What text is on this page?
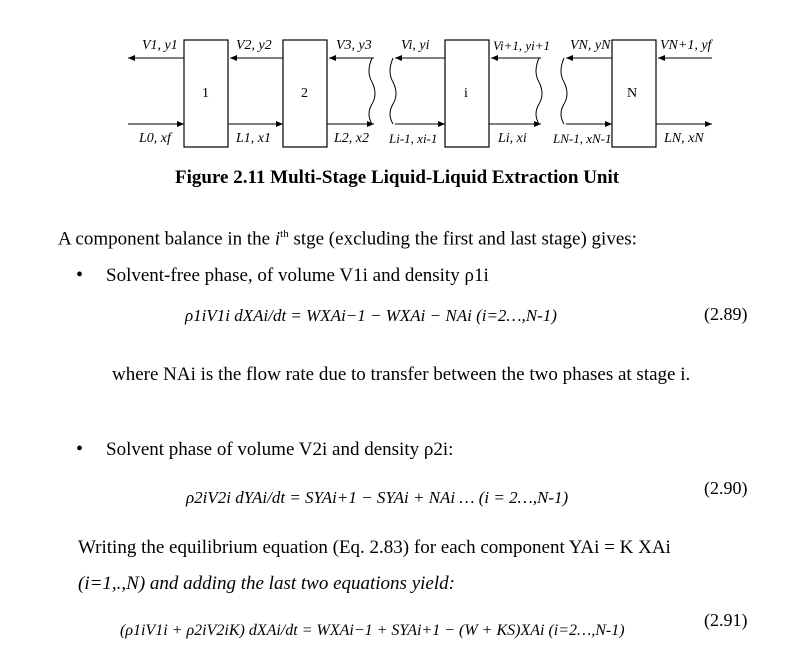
1	2	i	N
V1, y1	V2, y2	V3, y3 Vi, yi	Vi+1, yi+1 VN, yN	VN+1, yf
L0, xf	L1, x1	L2, x2 Li-1, xi-1	Li, xi LN-1, xN-1	LN, xN
Figure 2.11 Multi-Stage Liquid-Liquid Extraction Unit
A component balance in the $i^{th}$ stge (excluding the first and last stage) gives:
• Solvent-free phase, of volume V1i and density ρ1i
ρ1iV1i dXAi/dt = WXAi−1 − WXAi − NAi (i=2…,N-1)	(2.89)
where NAi is the flow rate due to transfer between the two phases at stage i.
• Solvent phase of volume V2i and density ρ2i:
ρ2iV2i dYAi/dt = SYAi+1 − SYAi + NAi … (i = 2…,N-1)	(2.90)
Writing the equilibrium equation (Eq. 2.83) for each component YAi = K XAi
(i=1,.,N) and adding the last two equations yield:
(ρ1iV1i + ρ2iV2iK) dXAi/dt = WXAi−1 + SYAi+1 − (W + KS)XAi (i=2…,N-1)
(2.91)
